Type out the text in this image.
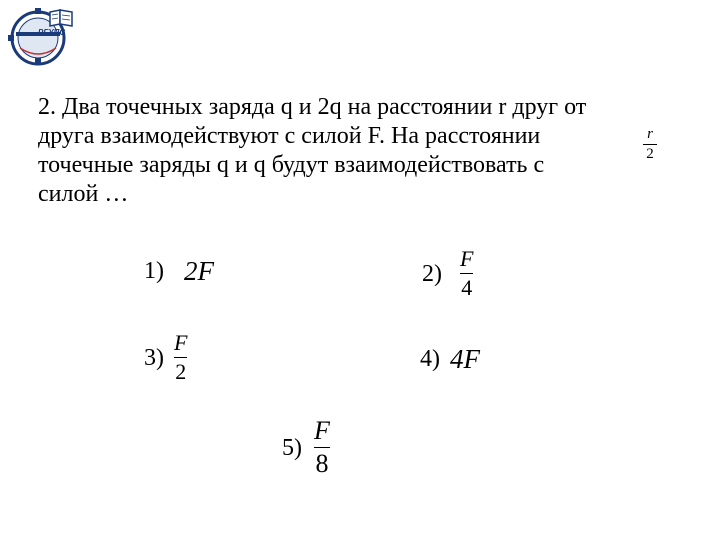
РГУПС
2. Два точечных заряда q и 2q на расстоянии r друг от
друга взаимодействуют с силой F. На расстоянии
точечные заряды q и q будут взаимодействовать с
силой …
r
2
1) 2F	$2) \frac{F}{4}$
$3) \frac{F}{2}$	4) 4F
$5) \frac{F}{8}$
